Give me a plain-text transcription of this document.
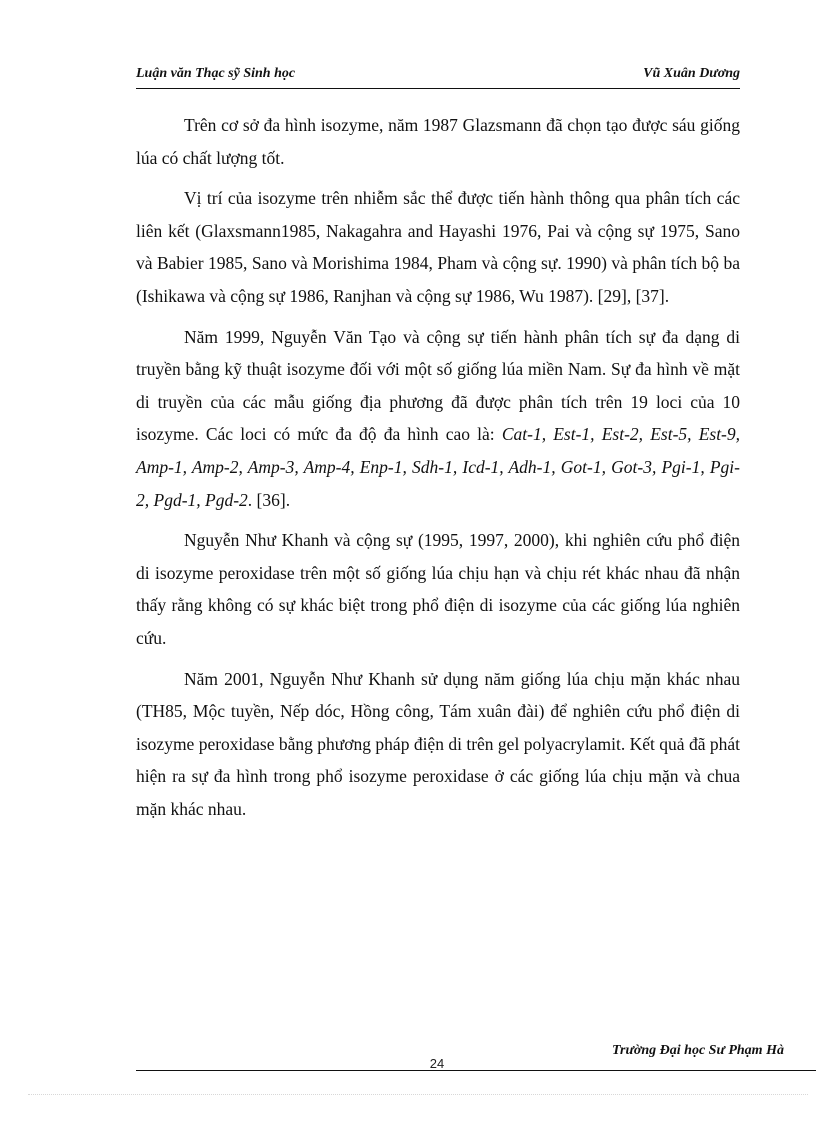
Luận văn Thạc sỹ Sinh học	Vũ Xuân Dương

Trên cơ sở đa hình isozyme, năm 1987 Glazsmann đã chọn tạo được sáu giống lúa có chất lượng tốt.

Vị trí của isozyme trên nhiễm sắc thể được tiến hành thông qua phân tích các liên kết (Glaxsmann1985, Nakagahra and Hayashi 1976, Pai và cộng sự 1975, Sano và Babier 1985, Sano và Morishima 1984, Pham và cộng sự. 1990) và phân tích bộ ba (Ishikawa và cộng sự 1986, Ranjhan và cộng sự 1986, Wu 1987). [29], [37].

Năm 1999, Nguyễn Văn Tạo và cộng sự tiến hành phân tích sự đa dạng di truyền bằng kỹ thuật isozyme đối với một số giống lúa miền Nam. Sự đa hình về mặt di truyền của các mẫu giống địa phương đã được phân tích trên 19 loci của 10 isozyme. Các loci có mức đa độ đa hình cao là: Cat-1, Est-1, Est-2, Est-5, Est-9, Amp-1, Amp-2, Amp-3, Amp-4, Enp-1, Sdh-1, Icd-1, Adh-1, Got-1, Got-3, Pgi-1, Pgi-2, Pgd-1, Pgd-2. [36].

Nguyễn Như Khanh và cộng sự (1995, 1997, 2000), khi nghiên cứu phổ điện di isozyme peroxidase trên một số giống lúa chịu hạn và chịu rét khác nhau đã nhận thấy rằng không có sự khác biệt trong phổ điện di isozyme của các giống lúa nghiên cứu.

Năm 2001, Nguyễn Như Khanh sử dụng năm giống lúa chịu mặn khác nhau (TH85, Mộc tuyền, Nếp dóc, Hồng công, Tám xuân đài) để nghiên cứu phổ điện di isozyme peroxidase bằng phương pháp điện di trên gel polyacrylamit. Kết quả đã phát hiện ra sự đa hình trong phổ isozyme peroxidase ở các giống lúa chịu mặn và chua mặn khác nhau.

Trường Đại học Sư Phạm Hà
24
